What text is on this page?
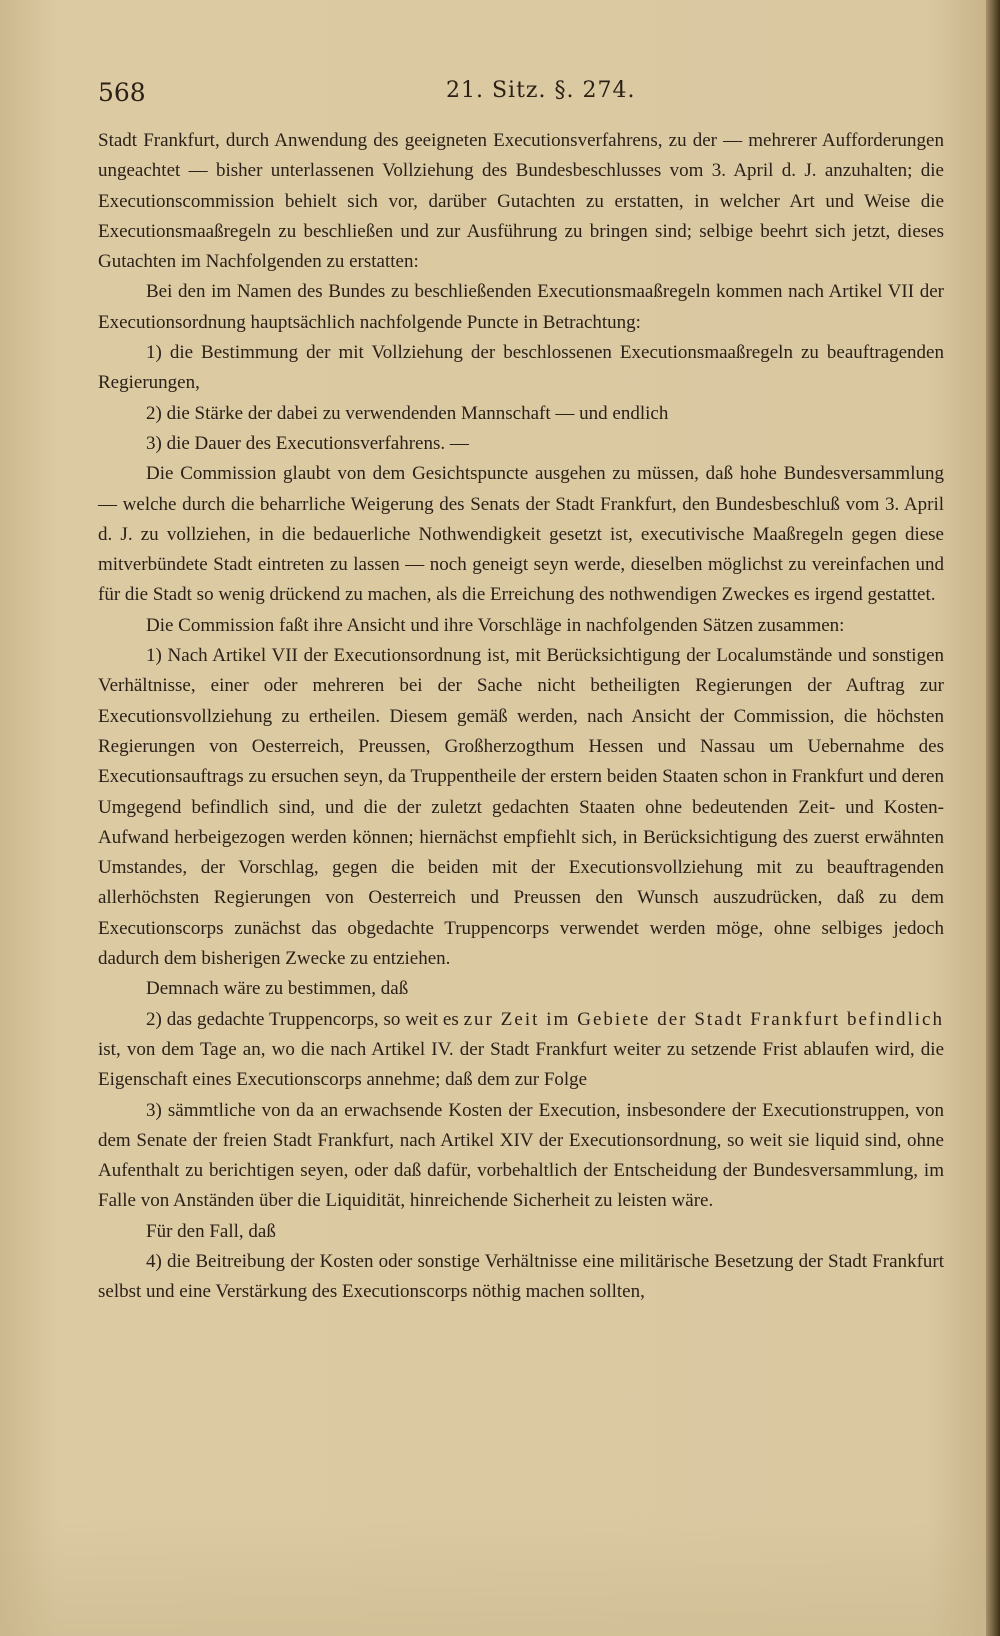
568	21. Sitz. §. 274.

Stadt Frankfurt, durch Anwendung des geeigneten Executionsverfahrens, zu der — mehrerer Aufforderungen ungeachtet — bisher unterlassenen Vollziehung des Bundesbeschlusses vom 3. April d. J. anzuhalten; die Executionscommission behielt sich vor, darüber Gutachten zu erstatten, in welcher Art und Weise die Executionsmaaßregeln zu beschließen und zur Ausführung zu bringen sind; selbige beehrt sich jetzt, dieses Gutachten im Nachfolgenden zu erstatten:

Bei den im Namen des Bundes zu beschließenden Executionsmaaßregeln kommen nach Artikel VII der Executionsordnung hauptsächlich nachfolgende Puncte in Betrachtung:

1) die Bestimmung der mit Vollziehung der beschlossenen Executionsmaaßregeln zu beauftragenden Regierungen,

2) die Stärke der dabei zu verwendenden Mannschaft — und endlich

3) die Dauer des Executionsverfahrens. —

Die Commission glaubt von dem Gesichtspuncte ausgehen zu müssen, daß hohe Bundesversammlung — welche durch die beharrliche Weigerung des Senats der Stadt Frankfurt, den Bundesbeschluß vom 3. April d. J. zu vollziehen, in die bedauerliche Nothwendigkeit gesetzt ist, executivische Maaßregeln gegen diese mitverbündete Stadt eintreten zu lassen — noch geneigt seyn werde, dieselben möglichst zu vereinfachen und für die Stadt so wenig drückend zu machen, als die Erreichung des nothwendigen Zweckes es irgend gestattet.

Die Commission faßt ihre Ansicht und ihre Vorschläge in nachfolgenden Sätzen zusammen:

1) Nach Artikel VII der Executionsordnung ist, mit Berücksichtigung der Localumstände und sonstigen Verhältnisse, einer oder mehreren bei der Sache nicht betheiligten Regierungen der Auftrag zur Executionsvollziehung zu ertheilen. Diesem gemäß werden, nach Ansicht der Commission, die höchsten Regierungen von Oesterreich, Preussen, Großherzogthum Hessen und Nassau um Uebernahme des Executionsauftrags zu ersuchen seyn, da Truppentheile der erstern beiden Staaten schon in Frankfurt und deren Umgegend befindlich sind, und die der zuletzt gedachten Staaten ohne bedeutenden Zeit- und Kosten-Aufwand herbeigezogen werden können; hiernächst empfiehlt sich, in Berücksichtigung des zuerst erwähnten Umstandes, der Vorschlag, gegen die beiden mit der Executionsvollziehung mit zu beauftragenden allerhöchsten Regierungen von Oesterreich und Preussen den Wunsch auszudrücken, daß zu dem Executionscorps zunächst das obgedachte Truppencorps verwendet werden möge, ohne selbiges jedoch dadurch dem bisherigen Zwecke zu entziehen.

Demnach wäre zu bestimmen, daß

2) das gedachte Truppencorps, so weit es zur Zeit im Gebiete der Stadt Frankfurt befindlich ist, von dem Tage an, wo die nach Artikel IV. der Stadt Frankfurt weiter zu setzende Frist ablaufen wird, die Eigenschaft eines Executionscorps annehme; daß dem zur Folge

3) sämmtliche von da an erwachsende Kosten der Execution, insbesondere der Executionstruppen, von dem Senate der freien Stadt Frankfurt, nach Artikel XIV der Executionsordnung, so weit sie liquid sind, ohne Aufenthalt zu berichtigen seyen, oder daß dafür, vorbehaltlich der Entscheidung der Bundesversammlung, im Falle von Anständen über die Liquidität, hinreichende Sicherheit zu leisten wäre.

Für den Fall, daß

4) die Beitreibung der Kosten oder sonstige Verhältnisse eine militärische Besetzung der Stadt Frankfurt selbst und eine Verstärkung des Executionscorps nöthig machen sollten,
